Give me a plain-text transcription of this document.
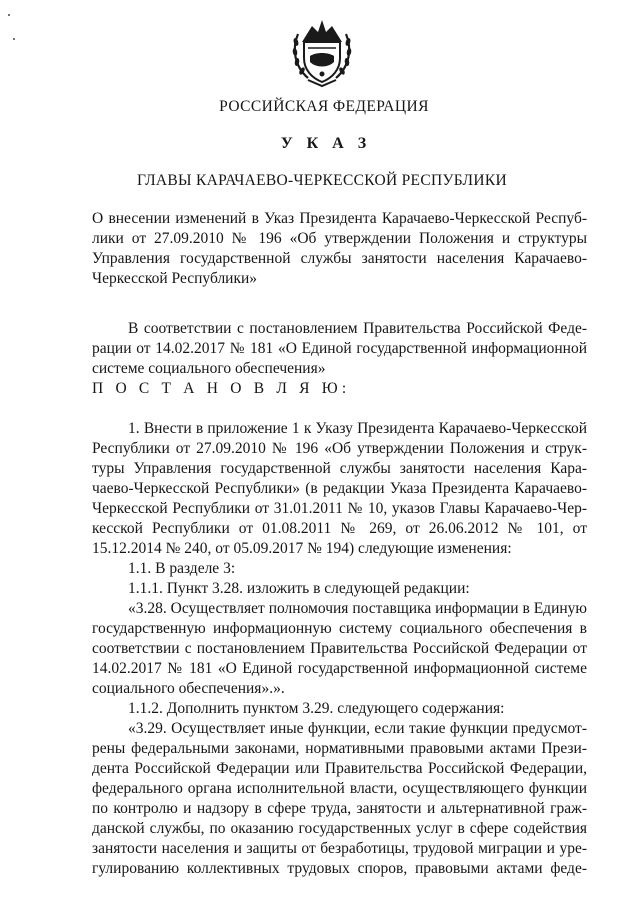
РОССИЙСКАЯ ФЕДЕРАЦИЯ
У К А З
ГЛАВЫ КАРАЧАЕВО-ЧЕРКЕССКОЙ РЕСПУБЛИКИ
О внесении изменений в Указ Президента Карачаево-Черкесской Респуб-
лики от 27.09.2010 № 196 «Об утверждении Положения и структуры
Управления государственной службы занятости населения Карачаево-
Черкесской Республики»
В соответствии с постановлением Правительства Российской Феде-
рации от 14.02.2017 № 181 «О Единой государственной информационной
системе социального обеспечения»
П О С Т А Н О В Л Я Ю:
1. Внести в приложение 1 к Указу Президента Карачаево-Черкесской
Республики от 27.09.2010 № 196 «Об утверждении Положения и струк-
туры Управления государственной службы занятости населения Кара-
чаево-Черкесской Республики» (в редакции Указа Президента Карачаево-
Черкесской Республики от 31.01.2011 № 10, указов Главы Карачаево-Чер-
кесской Республики от 01.08.2011 № 269, от 26.06.2012 № 101, от
15.12.2014 № 240, от 05.09.2017 № 194) следующие изменения:
1.1. В разделе 3:
1.1.1. Пункт 3.28. изложить в следующей редакции:
«3.28. Осуществляет полномочия поставщика информации в Единую
государственную информационную систему социального обеспечения в
соответствии с постановлением Правительства Российской Федерации от
14.02.2017 № 181 «О Единой государственной информационной системе
социального обеспечения».».
1.1.2. Дополнить пунктом 3.29. следующего содержания:
«3.29. Осуществляет иные функции, если такие функции предусмот-
рены федеральными законами, нормативными правовыми актами Прези-
дента Российской Федерации или Правительства Российской Федерации,
федерального органа исполнительной власти, осуществляющего функции
по контролю и надзору в сфере труда, занятости и альтернативной граж-
данской службы, по оказанию государственных услуг в сфере содействия
занятости населения и защиты от безработицы, трудовой миграции и уре-
гулированию коллективных трудовых споров, правовыми актами феде-
